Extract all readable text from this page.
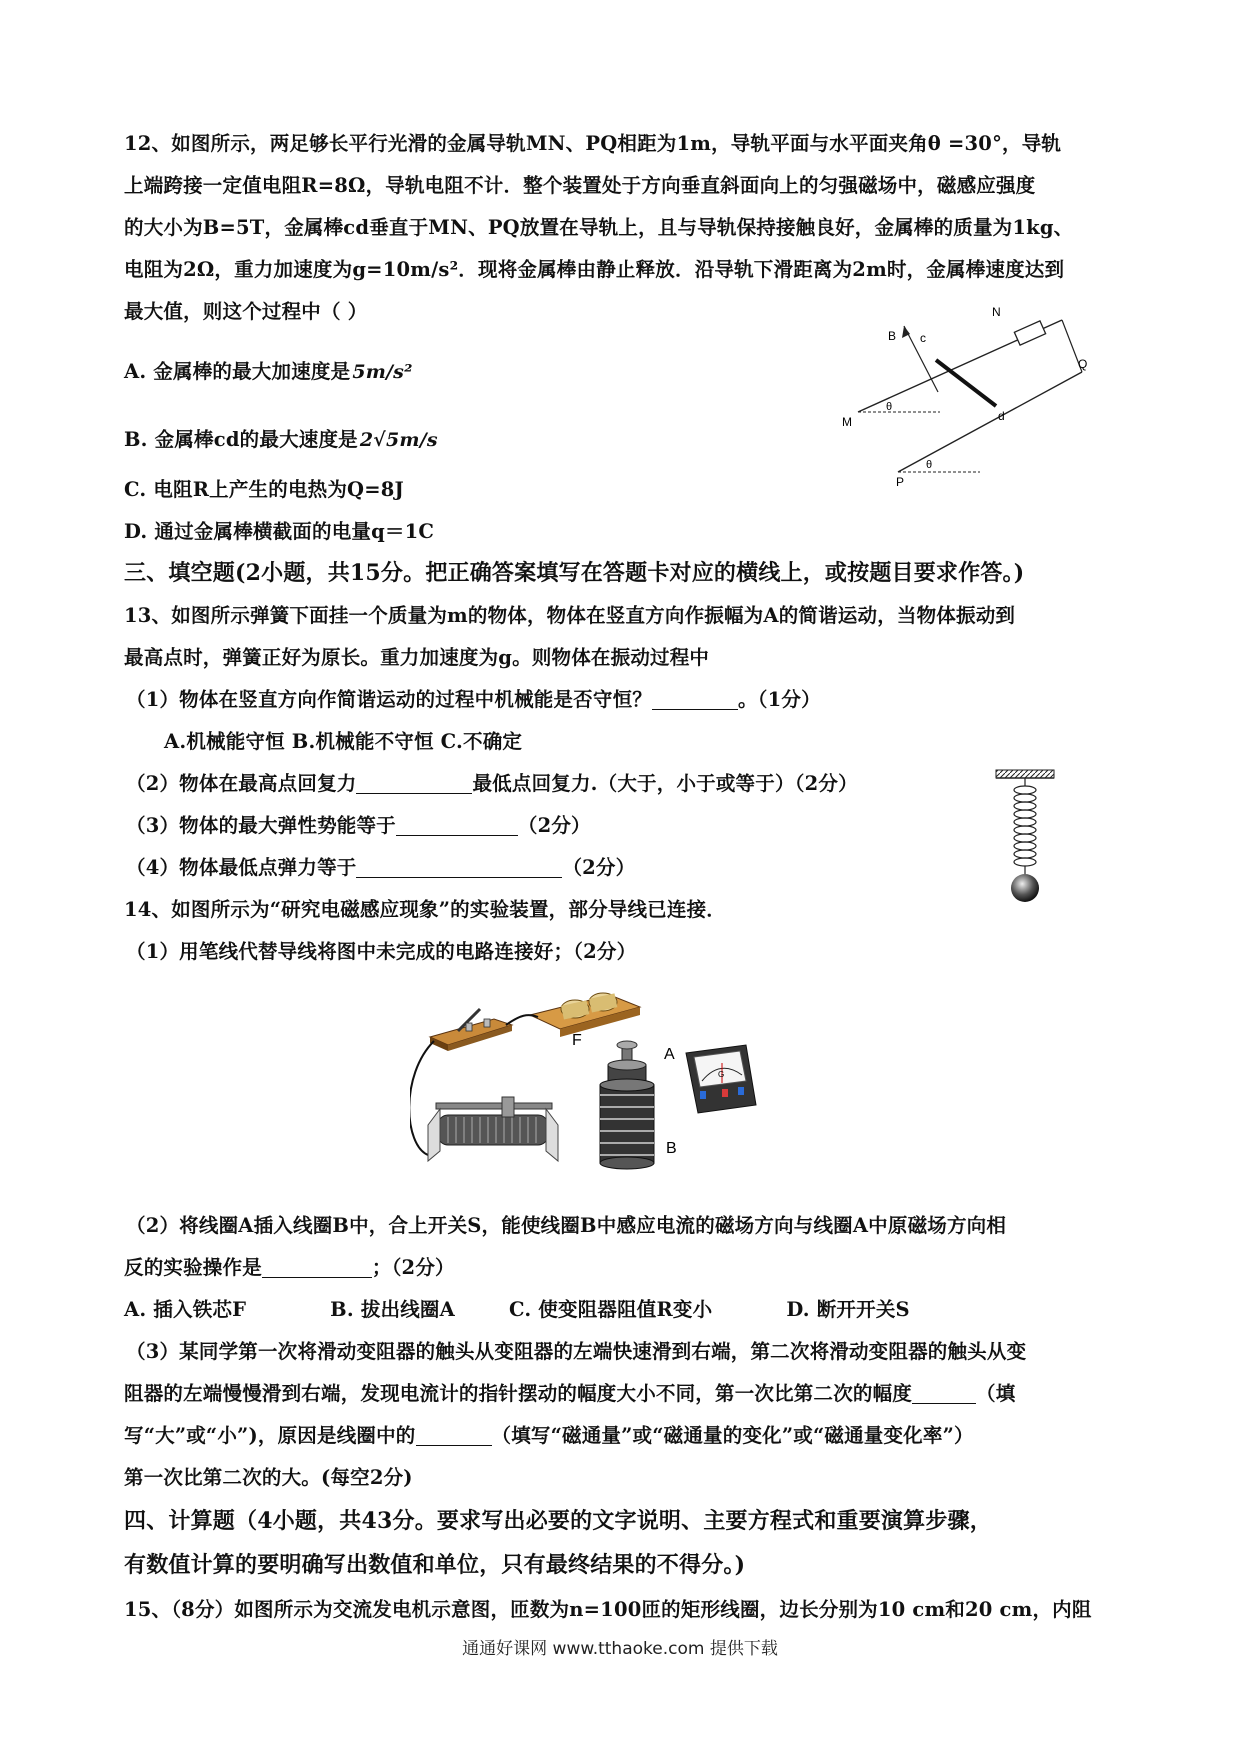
12、如图所示，两足够长平行光滑的金属导轨MN、PQ相距为1m，导轨平面与水平面夹角θ =30°，导轨
上端跨接一定值电阻R=8Ω，导轨电阻不计．整个装置处于方向垂直斜面向上的匀强磁场中，磁感应强度
的大小为B=5T，金属棒cd垂直于MN、PQ放置在导轨上，且与导轨保持接触良好，金属棒的质量为1kg、
电阻为2Ω，重力加速度为g=10m/s²．现将金属棒由静止释放．沿导轨下滑距离为2m时，金属棒速度达到
最大值，则这个过程中（ ）
A. 金属棒的最大加速度是 5m/s²
B. 金属棒cd的最大速度是 2√5m/s
C. 电阻R上产生的电热为Q=8J
D. 通过金属棒横截面的电量q＝1C
B c
N
Q
M	d
P
θ
θ
三、填空题(2小题，共15分。把正确答案填写在答题卡对应的横线上，或按题目要求作答。)
13、如图所示弹簧下面挂一个质量为m的物体，物体在竖直方向作振幅为A的简谐运动，当物体振动到
最高点时，弹簧正好为原长。重力加速度为g。则物体在振动过程中
（1）物体在竖直方向作简谐运动的过程中机械能是否守恒？	。（1分）
A.机械能守恒 B.机械能不守恒 C.不确定
（2）物体在最高点回复力	最低点回复力.（大于，小于或等于）（2分）
（3）物体的最大弹性势能等于	（2分）
（4）物体最低点弹力等于	（2分）
14、如图所示为“研究电磁感应现象”的实验装置，部分导线已连接．
（1）用笔线代替导线将图中未完成的电路连接好；（2分）
G
F
A
B
（2）将线圈A插入线圈B中，合上开关S，能使线圈B中感应电流的磁场方向与线圈A中原磁场方向相
反的实验操作是	；（2分）
A. 插入铁芯F	B. 拔出线圈A	C. 使变阻器阻值R变小	D. 断开开关S
（3）某同学第一次将滑动变阻器的触头从变阻器的左端快速滑到右端，第二次将滑动变阻器的触头从变
阻器的左端慢慢滑到右端，发现电流计的指针摆动的幅度大小不同，第一次比第二次的幅度	（填
写“大”或“小”)，原因是线圈中的	（填写“磁通量”或“磁通量的变化”或“磁通量变化率”）
第一次比第二次的大。(每空2分)
四、计算题（4小题，共43分。要求写出必要的文字说明、主要方程式和重要演算步骤，
有数值计算的要明确写出数值和单位，只有最终结果的不得分。)
15、（8分）如图所示为交流发电机示意图，匝数为n=100匝的矩形线圈，边长分别为10 cm和20 cm，内阻
通通好课网 www.tthaoke.com 提供下载
